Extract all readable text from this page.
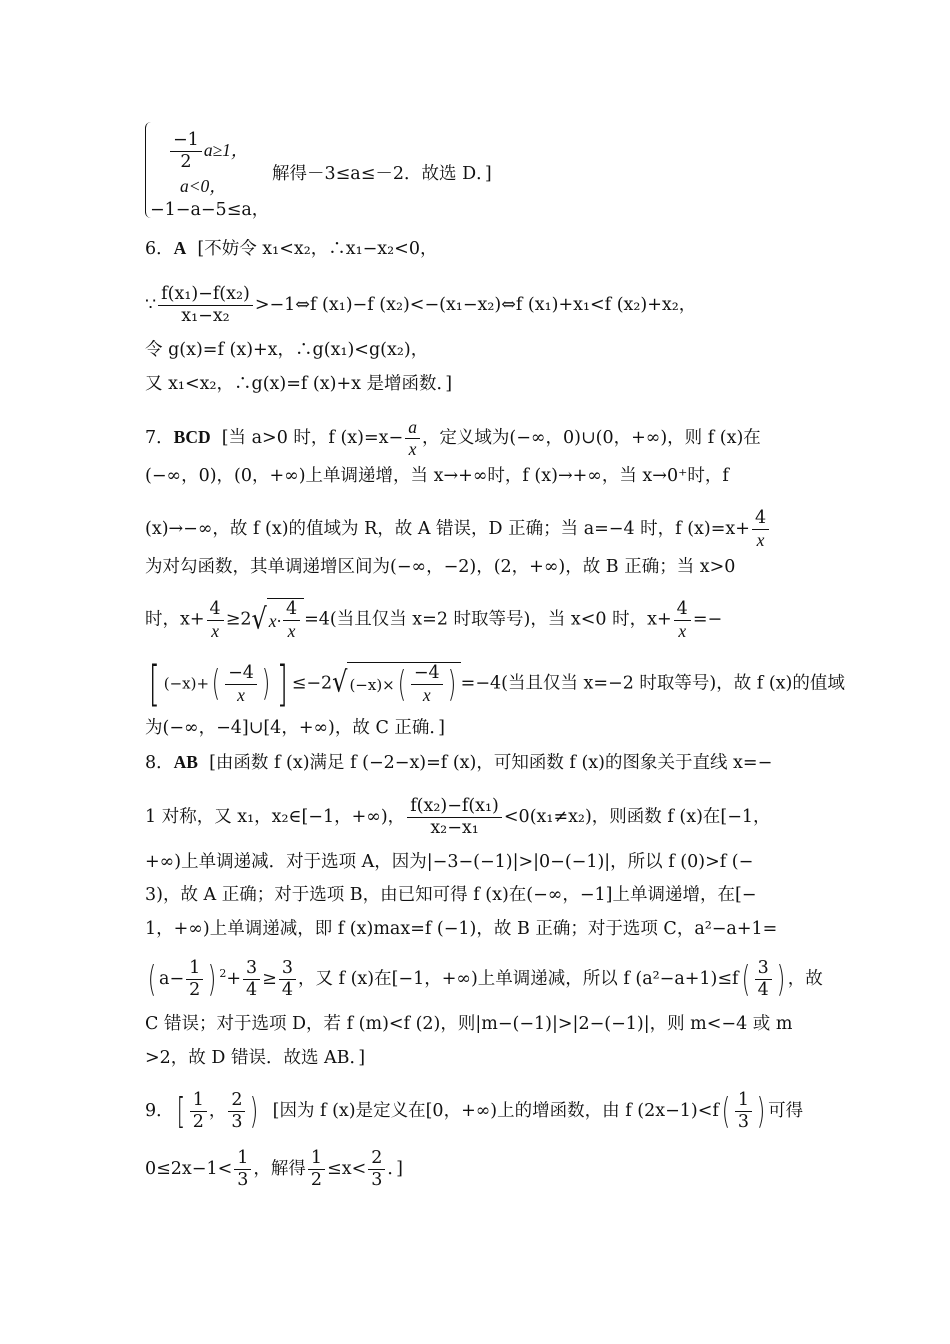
$\frac{-1}{2} a\ge 1$，
a<0，
−1−a−5≤a，
解得－3≤a≤－2．故选 D．]
6．A [不妨令 x₁<x₂，∴x₁−x₂<0，
∵ $\frac{\text{f(x₁)−f(x₂)}}{\text{x₁−x₂}}$ >−1⇔f (x₁)−f (x₂)<−(x₁−x₂)⇔f (x₁)+x₁<f (x₂)+x₂，
令 g(x)=f (x)+x，∴g(x₁)<g(x₂)，
又 x₁<x₂，∴g(x)=f (x)+x 是增函数．]
7．BCD [当 a>0 时，f $(x)=x- \frac{a}{x}$ ，定义域为(−∞，0)∪(0，+∞)，则 f (x)在
(−∞，0)，(0，+∞)上单调递增，当 x→+∞时，f (x)→+∞，当 x→0⁺时，f
(x)→−∞，故 f (x)的值域为 R，故 A 错误，D 正确；当 a=−4 时，f $(x)=x+ \frac{4}{x}$
为对勾函数，其单调递增区间为(−∞，−2)，(2，+∞)，故 B 正确；当 x>0
时，$x+ \frac{4}{x} \ge 2√$ $x\cdot \frac{4}{x} =4$(当且仅当 x=2 时取等号)，当 x<0 时，$x+ \frac{4}{x}$ =−
[ $(-x)+( \frac{-4}{x}$ ) ] ≤−2√ (−x)× ( $\frac{-4}{x}$ ) =−4(当且仅当 x=−2 时取等号)，故 f (x)的值域
为(−∞，−4]∪[4，+∞)，故 C 正确．]
8．AB [由函数 f (x)满足 f (−2−x)=f (x)，可知函数 f (x)的图象关于直线 x=−
1 对称，又 x₁，x₂∈[−1，+∞)， $\frac{\text{f(x₂)−f(x₁)}}{\text{x₂−x₁}} <0(x_1\ne x_2)$，则函数 f (x)在[−1，
+∞)上单调递减．对于选项 A，因为|−3−(−1)|>|0−(−1)|，所以 f (0)>f (−
3)，故 A 正确；对于选项 B，由已知可得 f (x)在(−∞，−1]上单调递增，在[−
1，+∞)上单调递减，即 f (x)max=f (−1)，故 B 正确；对于选项 C，a²−a+1=
( $a- \frac{1}{2}$ ) $^2+ \frac{3}{4} \ge \frac{3}{4}$ ，又 f (x)在[−1，+∞)上单调递减，所以 f $(a^2-a+1)\le f( \frac{3}{4}$ ) ，故
C 错误；对于选项 D，若 f (m)<f (2)，则|m−(−1)|>|2−(−1)|，则 m<−4 或 m
>2，故 D 错误．故选 AB．]
9．[ $\frac{1}{2}$ ， $\frac{2}{3}$ ) [因为 f (x)是定义在[0，+∞)上的增函数，由 f $(2x-1)<f( \frac{1}{3}$ ) 可得
$0\le 2x-1< \frac{1}{3}$ ，解得 $\frac{1}{2} \le x< \frac{2}{3}$ ．]
